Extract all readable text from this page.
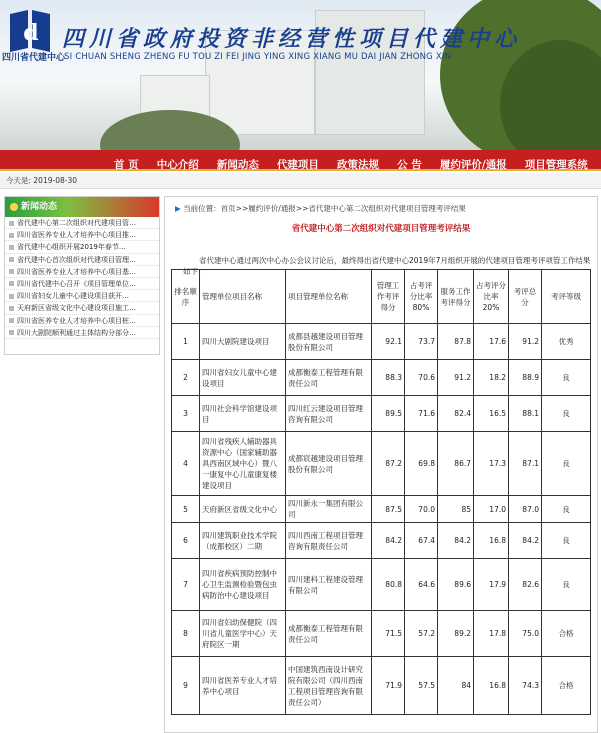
d
四川省代建中心
四川省政府投资非经营性项目代建中心
SI CHUAN SHENG ZHENG FU TOU ZI FEI JING YING XING XIANG MU DAI JIAN ZHONG XIN
首 页 中心介绍 新闻动态 代建项目 政策法规 公 告 履约评价/通报 项目管理系统
今天是: 2019-08-30
新闻动态
省代建中心第二次组织对代建项目管…
四川省医养专业人才培养中心项目推…
省代建中心组织开展2019年春节…
省代建中心首次组织对代建项目管理…
四川省医养专业人才培养中心项目基…
四川省代建中心召开《项目管理单位…
四川省妇女儿童中心建设项目获开…
天府新区省级文化中心建设项目施工…
四川省医养专业人才培养中心项目桩…
四川大剧院顺利通过主体结构分部分…
▶ 当前位置：首页>>履约评价/通报>>省代建中心第二次组织对代建项目管理考评结果
省代建中心第二次组织对代建项目管理考评结果
省代建中心通过两次中心办公会议讨论后，最终得出省代建中心2019年7月组织开展的代建项目管理考评项管工作结果如下：
排名顺序	管理单位项目名称	项目管理单位名称	管理工作考评得分	占考评分比率80%	服务工作考评得分	占考评分比率20%	考评总分	考评等级
1	四川大剧院建设项目	成都县越建设项目管理股份有限公司	92.1	73.7	87.8	17.6	91.2	优秀
2	四川省妇女儿童中心建设项目	成都衡泰工程管理有限责任公司	88.3	70.6	91.2	18.2	88.9	良
3	四川社会科学馆建设项目	四川红云建设项目管理咨询有限公司	89.5	71.6	82.4	16.5	88.1	良
4	四川省残疾人辅助器具资源中心（国家辅助器具西南区域中心）暨八一康复中心儿童康复楼建设项目	成都宸越建设项目管理股份有限公司	87.2	69.8	86.7	17.3	87.1	良
5	天府新区省级文化中心	四川新永一集团有限公司	87.5	70.0	85	17.0	87.0	良
6	四川建筑职业技术学院（成都校区）二期	四川西南工程项目管理咨询有限责任公司	84.2	67.4	84.2	16.8	84.2	良
7	四川省疾病预防控制中心卫生监测检验暨包虫病防治中心建设项目	四川建科工程建设管理有限公司	80.8	64.6	89.6	17.9	82.6	良
8	四川省妇幼保健院（四川省儿童医学中心）天府院区一期	成都衡泰工程管理有限责任公司	71.5	57.2	89.2	17.8	75.0	合格
9	四川省医养专业人才培养中心项目	中国建筑西南设计研究院有限公司（四川西南工程项目管理咨询有限责任公司）	71.9	57.5	84	16.8	74.3	合格
